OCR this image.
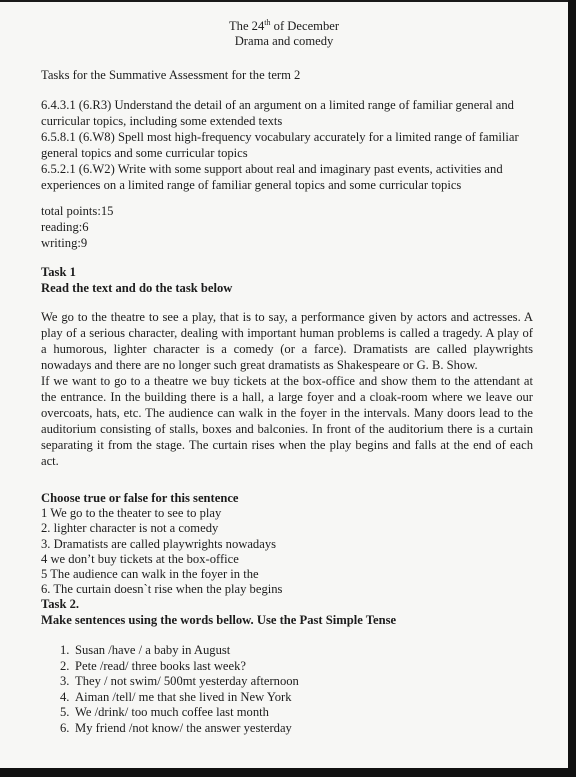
The 24th of December
Drama and comedy
Tasks for the Summative Assessment for the term 2
6.4.3.1 (6.R3) Understand the detail of an argument on a limited range of familiar general and curricular topics, including some extended texts
6.5.8.1 (6.W8) Spell most high-frequency vocabulary accurately for a limited range of familiar general topics and some curricular topics
6.5.2.1 (6.W2) Write with some support about real and imaginary past events, activities and experiences on a limited range of familiar general topics and some curricular topics
total points:15
reading:6
writing:9
Task 1
Read the text and do the task below
We go to the theatre to see a play, that is to say, a performance given by actors and actresses. A play of a serious character, dealing with important human problems is called a tragedy. A play of a humorous, lighter character is a comedy (or a farce). Dramatists are called playwrights nowadays and there are no longer such great dramatists as Shakespeare or G. B. Show.
If we want to go to a theatre we buy tickets at the box-office and show them to the attendant at the entrance. In the building there is a hall, a large foyer and a cloak-room where we leave our overcoats, hats, etc. The audience can walk in the foyer in the intervals. Many doors lead to the auditorium consisting of stalls, boxes and balconies. In front of the auditorium there is a curtain separating it from the stage. The curtain rises when the play begins and falls at the end of each act.
Choose true or false for this sentence
1 We go to the theater to see to play
2. lighter character is not a comedy
3. Dramatists are called playwrights nowadays
4 we don’t buy tickets at the box-office
5 The audience can walk in the foyer in the
6. The curtain doesn`t rise when the play begins
Task 2.
Make sentences using the words bellow. Use the Past Simple Tense
1. Susan /have / a baby in August
2. Pete /read/ three books last week?
3. They / not swim/ 500mt yesterday afternoon
4. Aiman /tell/ me that she lived in New York
5. We /drink/ too much coffee last month
6. My friend /not know/ the answer yesterday
